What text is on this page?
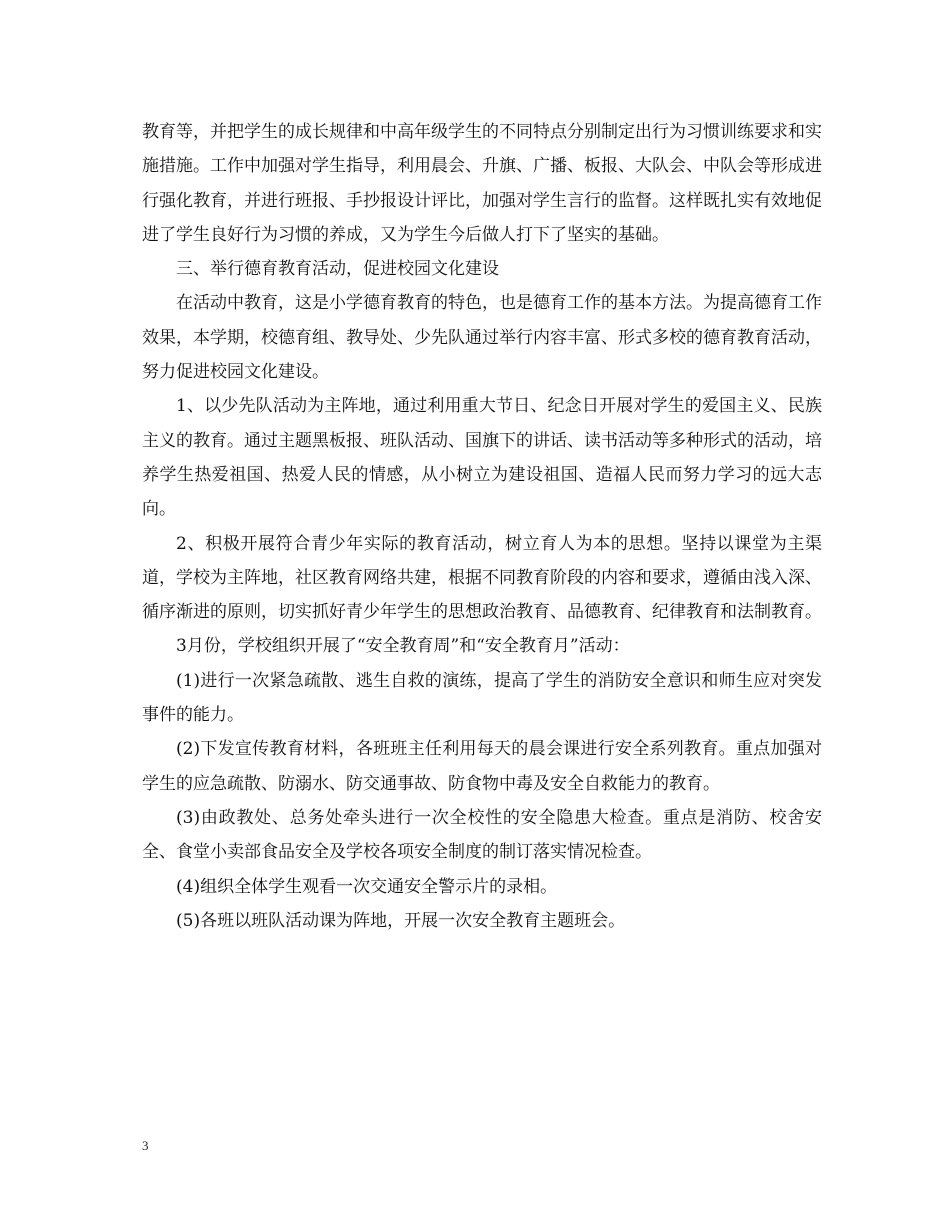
教育等，并把学生的成长规律和中高年级学生的不同特点分别制定出行为习惯训练要求和实施措施。工作中加强对学生指导，利用晨会、升旗、广播、板报、大队会、中队会等形成进行强化教育，并进行班报、手抄报设计评比，加强对学生言行的监督。这样既扎实有效地促进了学生良好行为习惯的养成，又为学生今后做人打下了坚实的基础。

三、举行德育教育活动，促进校园文化建设

在活动中教育，这是小学德育教育的特色，也是德育工作的基本方法。为提高德育工作效果，本学期，校德育组、教导处、少先队通过举行内容丰富、形式多校的德育教育活动，努力促进校园文化建设。

1、以少先队活动为主阵地，通过利用重大节日、纪念日开展对学生的爱国主义、民族主义的教育。通过主题黑板报、班队活动、国旗下的讲话、读书活动等多种形式的活动，培养学生热爱祖国、热爱人民的情感，从小树立为建设祖国、造福人民而努力学习的远大志向。

2、积极开展符合青少年实际的教育活动，树立育人为本的思想。坚持以课堂为主渠道，学校为主阵地，社区教育网络共建，根据不同教育阶段的内容和要求，遵循由浅入深、循序渐进的原则，切实抓好青少年学生的思想政治教育、品德教育、纪律教育和法制教育。

3月份，学校组织开展了“安全教育周”和“安全教育月”活动：

(1)进行一次紧急疏散、逃生自救的演练，提高了学生的消防安全意识和师生应对突发事件的能力。

(2)下发宣传教育材料，各班班主任利用每天的晨会课进行安全系列教育。重点加强对学生的应急疏散、防溺水、防交通事故、防食物中毒及安全自救能力的教育。

(3)由政教处、总务处牵头进行一次全校性的安全隐患大检查。重点是消防、校舍安全、食堂小卖部食品安全及学校各项安全制度的制订落实情况检查。

(4)组织全体学生观看一次交通安全警示片的录相。

(5)各班以班队活动课为阵地，开展一次安全教育主题班会。

3
